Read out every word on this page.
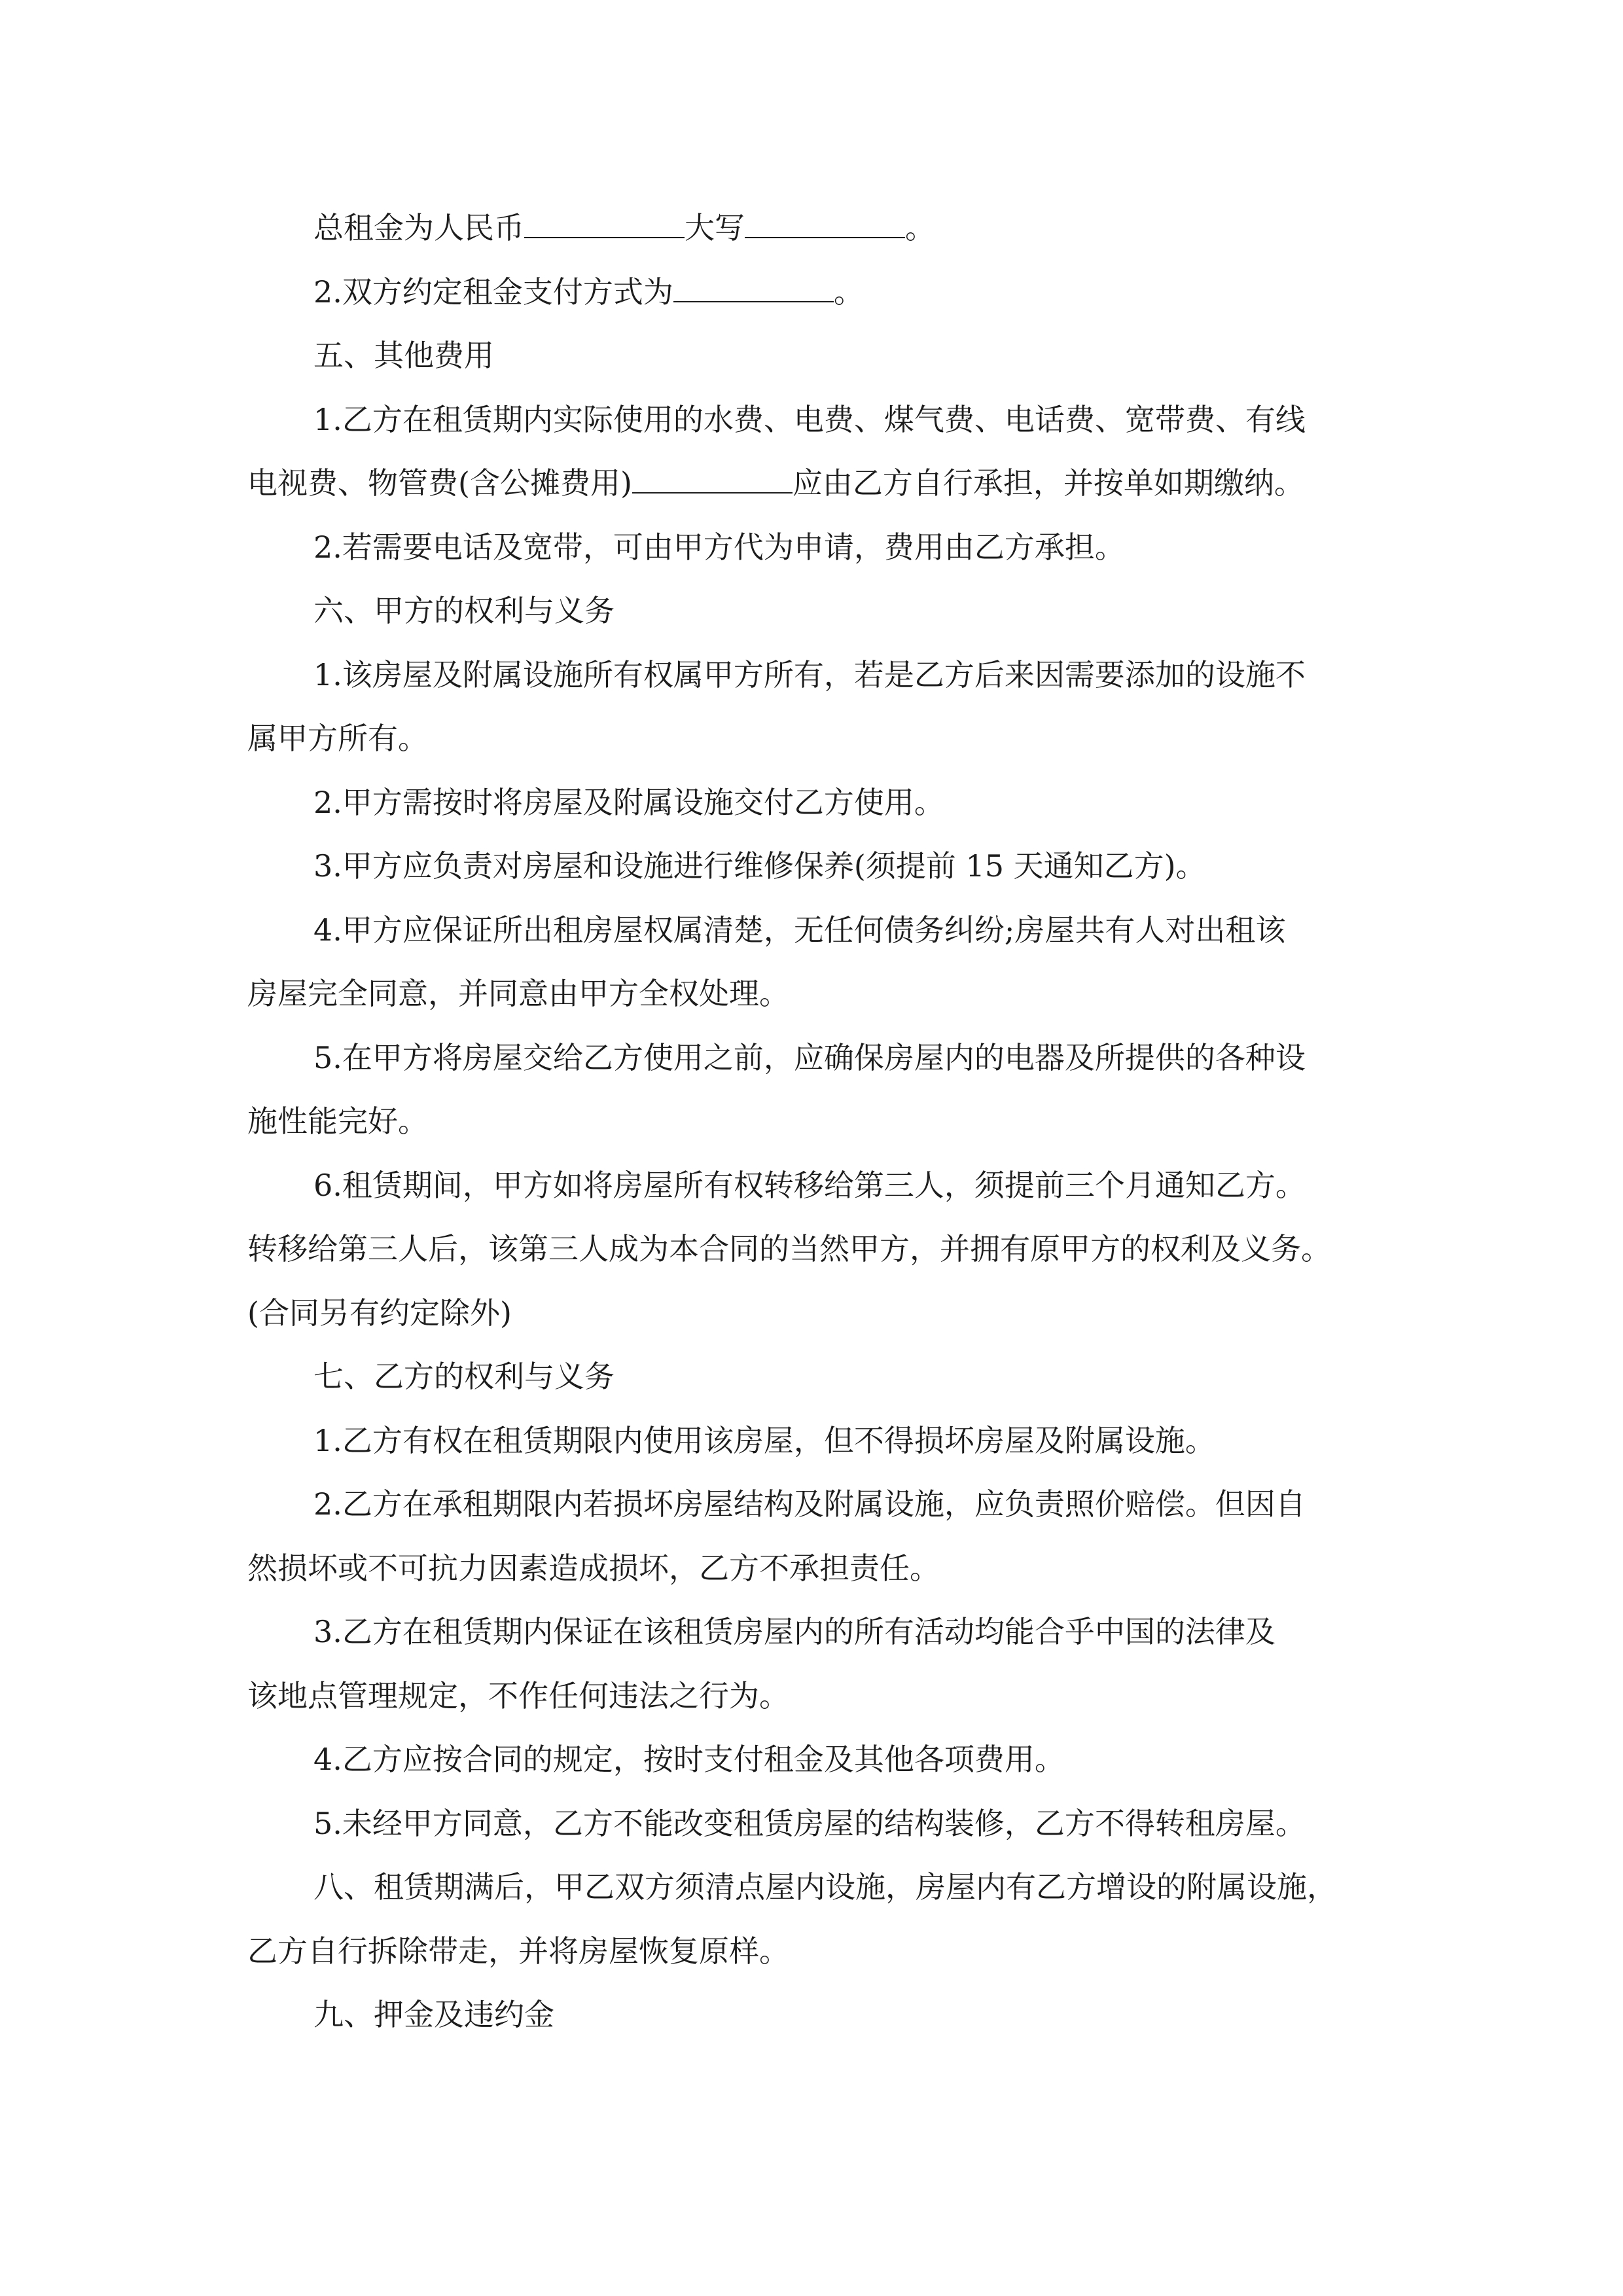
总租金为人民币	大写	。
2.双方约定租金支付方式为	。
五、其他费用
1.乙方在租赁期内实际使用的水费、电费、煤气费、电话费、宽带费、有线
电视费、物管费(含公摊费用)	应由乙方自行承担，并按单如期缴纳。
2.若需要电话及宽带，可由甲方代为申请，费用由乙方承担。
六、甲方的权利与义务
1.该房屋及附属设施所有权属甲方所有，若是乙方后来因需要添加的设施不
属甲方所有。
2.甲方需按时将房屋及附属设施交付乙方使用。
3.甲方应负责对房屋和设施进行维修保养(须提前 15 天通知乙方)。
4.甲方应保证所出租房屋权属清楚，无任何债务纠纷;房屋共有人对出租该
房屋完全同意，并同意由甲方全权处理。
5.在甲方将房屋交给乙方使用之前，应确保房屋内的电器及所提供的各种设
施性能完好。
6.租赁期间，甲方如将房屋所有权转移给第三人，须提前三个月通知乙方。
转移给第三人后，该第三人成为本合同的当然甲方，并拥有原甲方的权利及义务。
(合同另有约定除外)
七、乙方的权利与义务
1.乙方有权在租赁期限内使用该房屋，但不得损坏房屋及附属设施。
2.乙方在承租期限内若损坏房屋结构及附属设施，应负责照价赔偿。但因自
然损坏或不可抗力因素造成损坏，乙方不承担责任。
3.乙方在租赁期内保证在该租赁房屋内的所有活动均能合乎中国的法律及
该地点管理规定，不作任何违法之行为。
4.乙方应按合同的规定，按时支付租金及其他各项费用。
5.未经甲方同意，乙方不能改变租赁房屋的结构装修，乙方不得转租房屋。
八、租赁期满后，甲乙双方须清点屋内设施，房屋内有乙方增设的附属设施，
乙方自行拆除带走，并将房屋恢复原样。
九、押金及违约金
